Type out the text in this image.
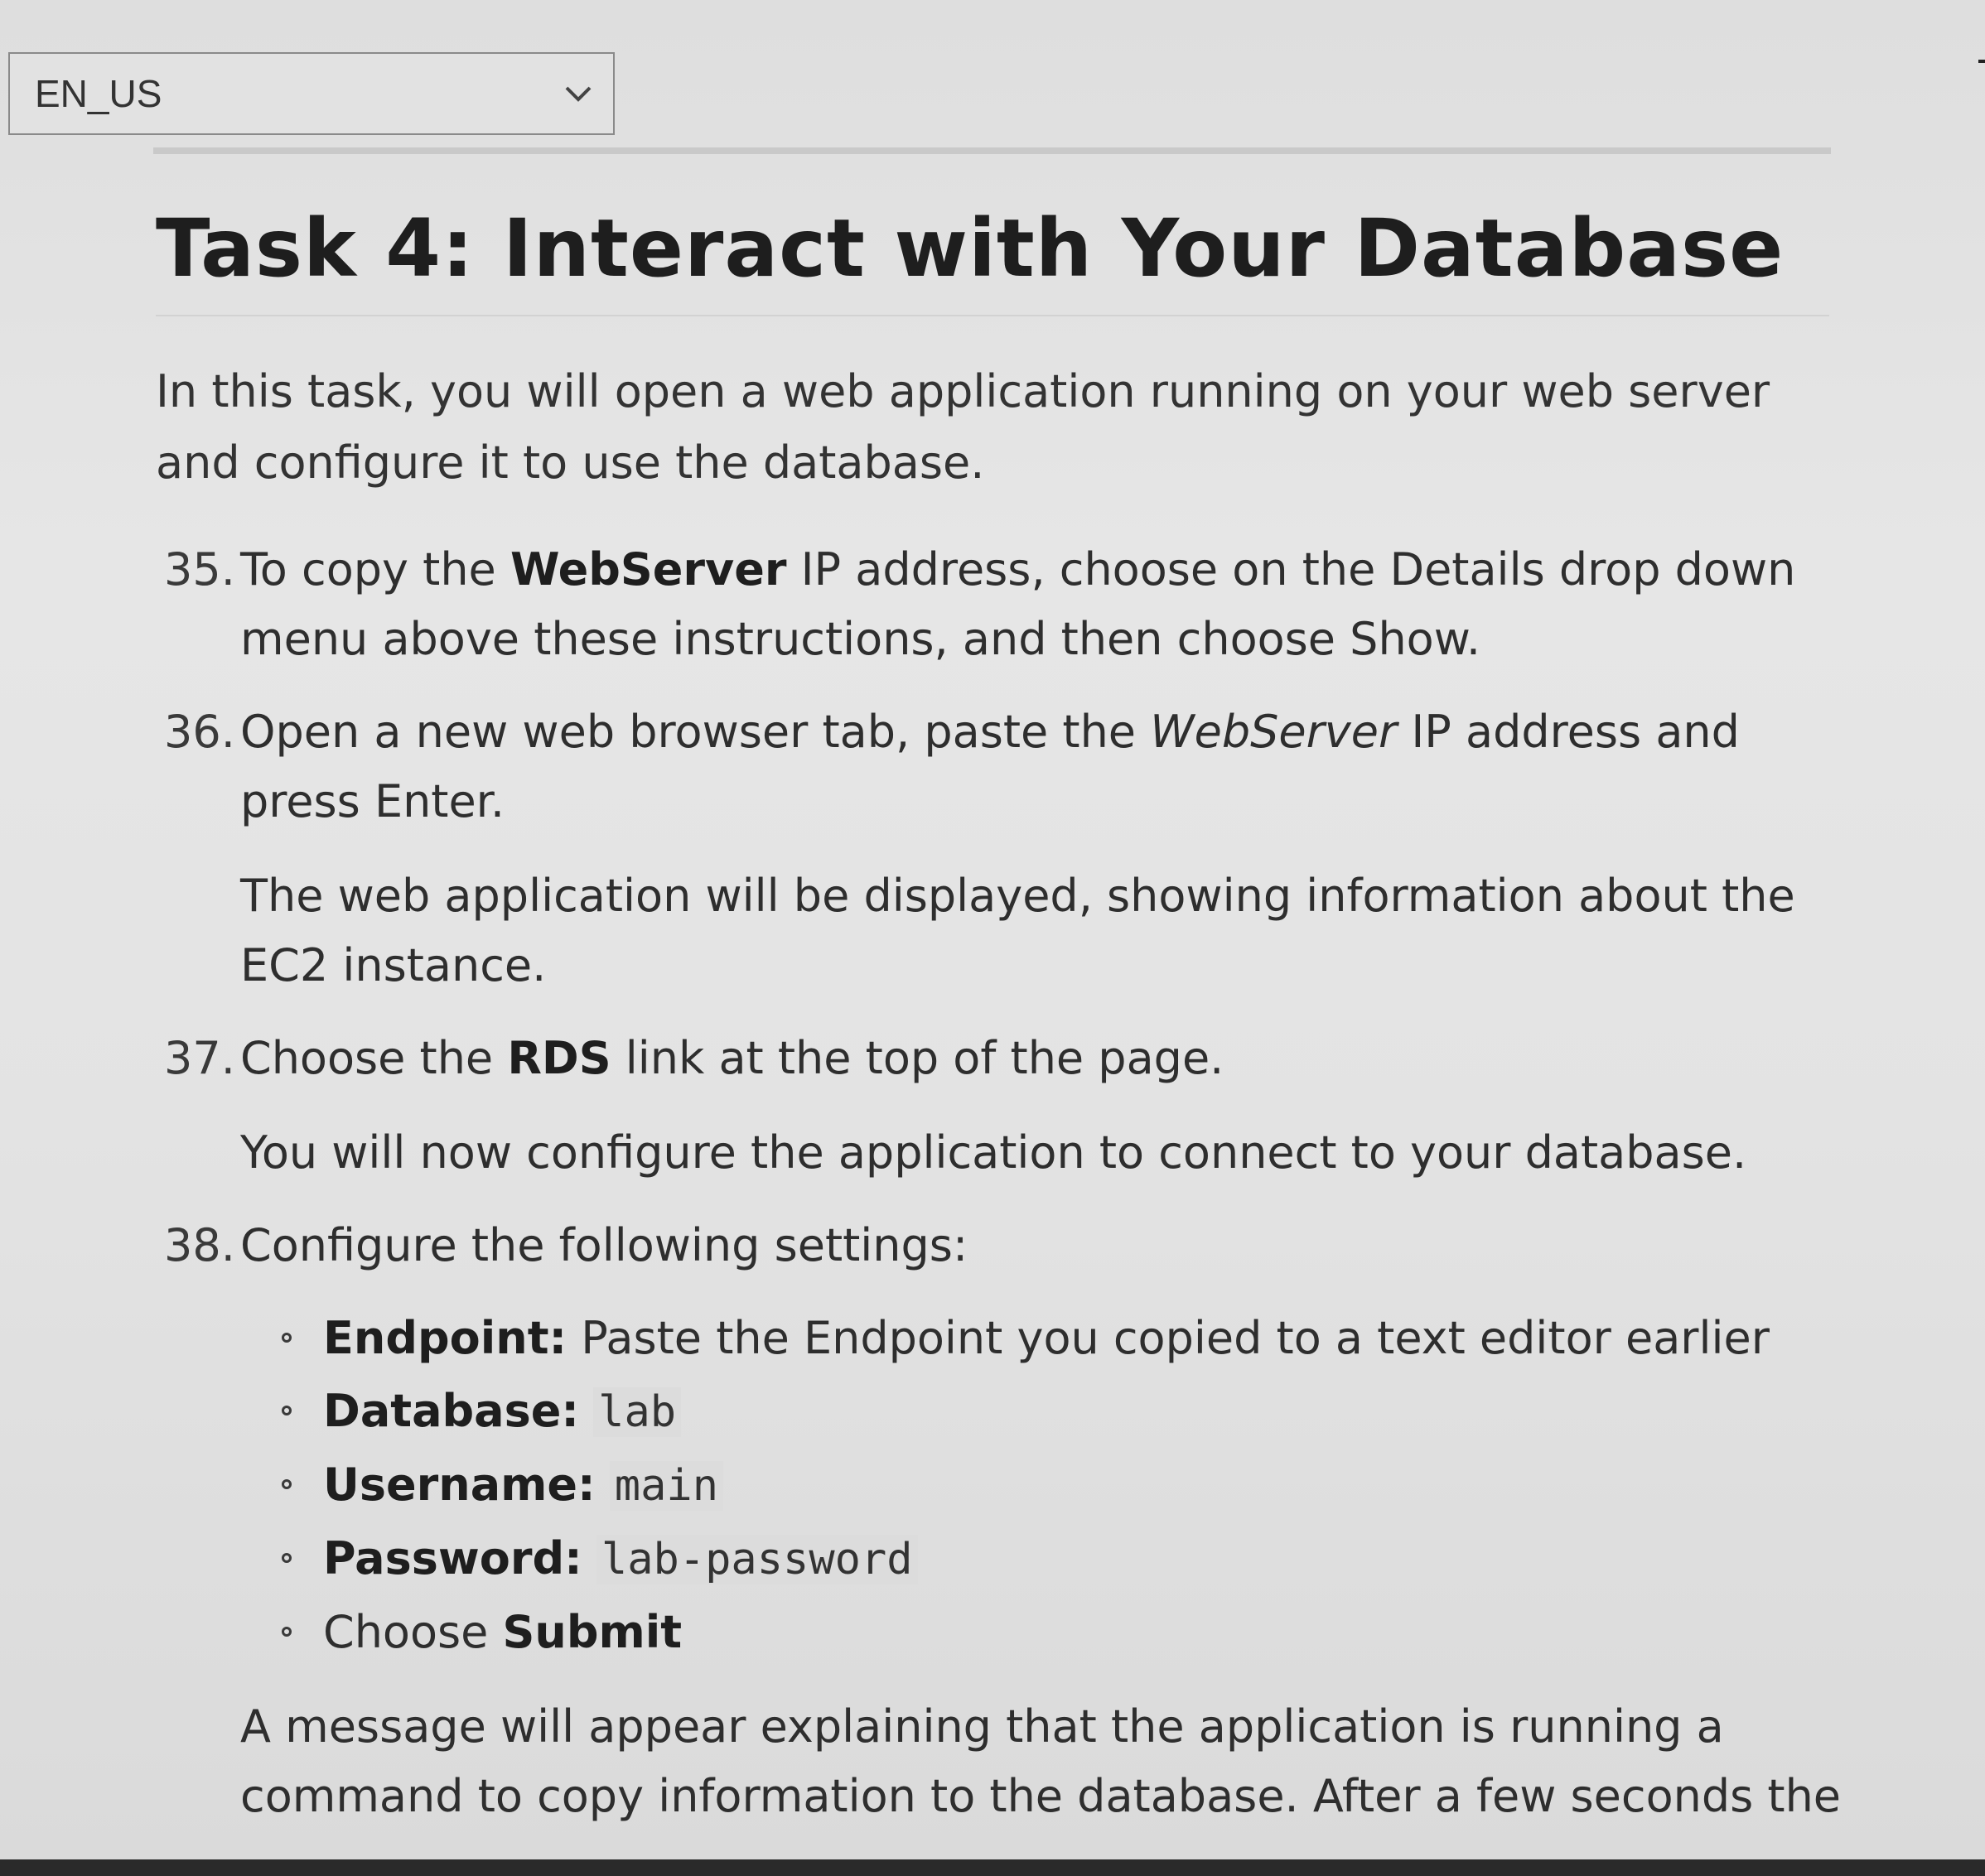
EN_US
Task 4: Interact with Your Database

In this task, you will open a web application running on your web server and configure it to use the database.

35. To copy the WebServer IP address, choose on the Details drop down menu above these instructions, and then choose Show.
36. Open a new web browser tab, paste the WebServer IP address and press Enter.
The web application will be displayed, showing information about the EC2 instance.
37. Choose the RDS link at the top of the page.
You will now configure the application to connect to your database.
38. Configure the following settings:
Endpoint: Paste the Endpoint you copied to a text editor earlier
Database: lab
Username: main
Password: lab-password
Choose Submit
A message will appear explaining that the application is running a command to copy information to the database. After a few seconds the
